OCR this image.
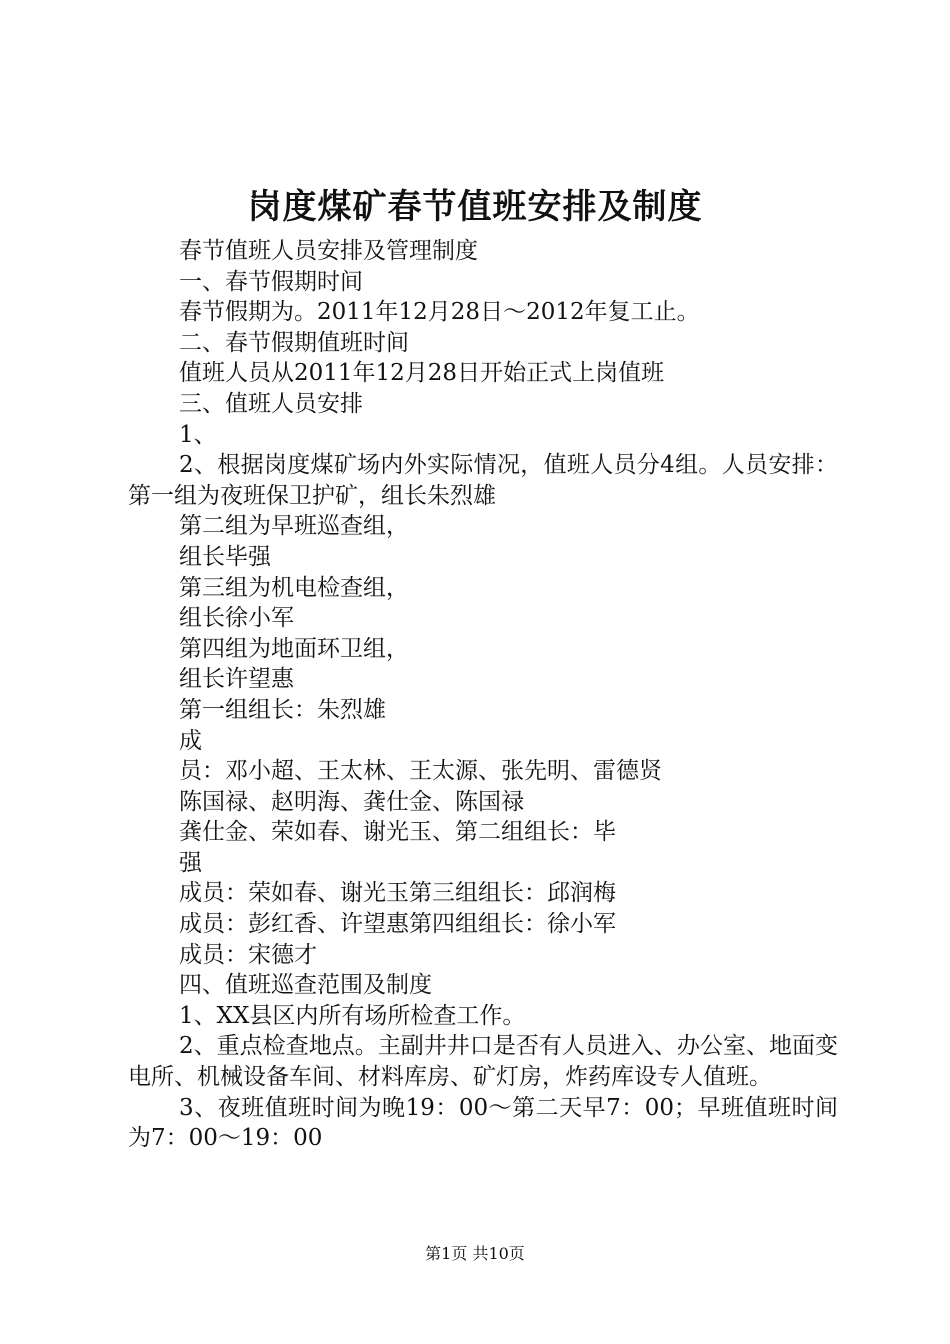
岗度煤矿春节值班安排及制度

春节值班人员安排及管理制度

一、春节假期时间

春节假期为。2011年12月28日～2012年复工止。

二、春节假期值班时间

值班人员从2011年12月28日开始正式上岗值班

三、值班人员安排

1、

2、根据岗度煤矿场内外实际情况，值班人员分4组。人员安排：第一组为夜班保卫护矿，组长朱烈雄

第二组为早班巡查组，

组长毕强

第三组为机电检查组，

组长徐小军

第四组为地面环卫组，

组长许望惠

第一组组长：朱烈雄

成

员：邓小超、王太林、王太源、张先明、雷德贤

陈国禄、赵明海、龚仕金、陈国禄

龚仕金、荣如春、谢光玉、第二组组长：毕

强

成员：荣如春、谢光玉第三组组长：邱润梅

成员：彭红香、许望惠第四组组长：徐小军

成员：宋德才

四、值班巡查范围及制度

1、XX县区内所有场所检查工作。

2、重点检查地点。主副井井口是否有人员进入、办公室、地面变电所、机械设备车间、材料库房、矿灯房，炸药库设专人值班。

3、夜班值班时间为晚19：00～第二天早7：00；早班值班时间为7：00～19：00

第1页 共10页
